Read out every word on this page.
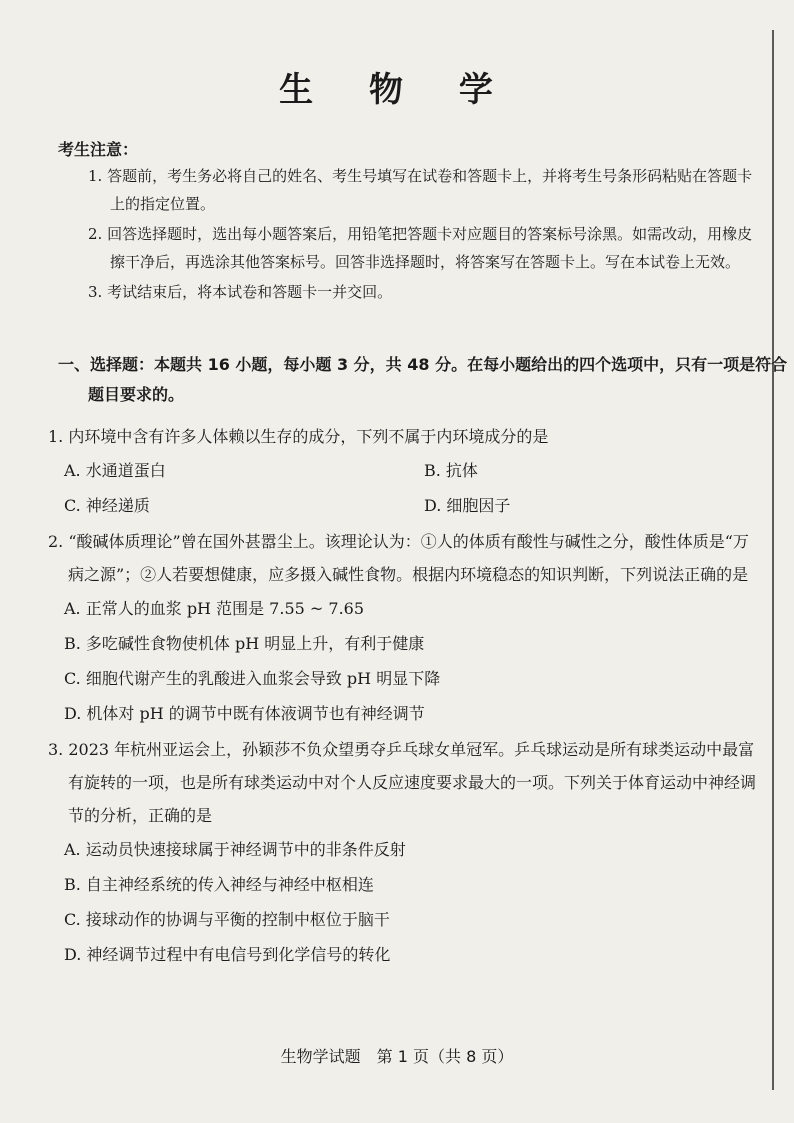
生 物 学
考生注意：
1. 答题前，考生务必将自己的姓名、考生号填写在试卷和答题卡上，并将考生号条形码粘贴在答题卡上的指定位置。
2. 回答选择题时，选出每小题答案后，用铅笔把答题卡对应题目的答案标号涂黑。如需改动，用橡皮擦干净后，再选涂其他答案标号。回答非选择题时，将答案写在答题卡上。写在本试卷上无效。
3. 考试结束后，将本试卷和答题卡一并交回。
一、选择题：本题共 16 小题，每小题 3 分，共 48 分。在每小题给出的四个选项中，只有一项是符合题目要求的。
1. 内环境中含有许多人体赖以生存的成分，下列不属于内环境成分的是
A. 水通道蛋白	B. 抗体
C. 神经递质	D. 细胞因子
2. “酸碱体质理论”曾在国外甚嚣尘上。该理论认为：①人的体质有酸性与碱性之分，酸性体质是“万病之源”；②人若要想健康，应多摄入碱性食物。根据内环境稳态的知识判断，下列说法正确的是
A. 正常人的血浆 pH 范围是 7.55 ~ 7.65
B. 多吃碱性食物使机体 pH 明显上升，有利于健康
C. 细胞代谢产生的乳酸进入血浆会导致 pH 明显下降
D. 机体对 pH 的调节中既有体液调节也有神经调节
3. 2023 年杭州亚运会上，孙颖莎不负众望勇夺乒乓球女单冠军。乒乓球运动是所有球类运动中最富有旋转的一项，也是所有球类运动中对个人反应速度要求最大的一项。下列关于体育运动中神经调节的分析，正确的是
A. 运动员快速接球属于神经调节中的非条件反射
B. 自主神经系统的传入神经与神经中枢相连
C. 接球动作的协调与平衡的控制中枢位于脑干
D. 神经调节过程中有电信号到化学信号的转化
生物学试题　第 1 页（共 8 页）
